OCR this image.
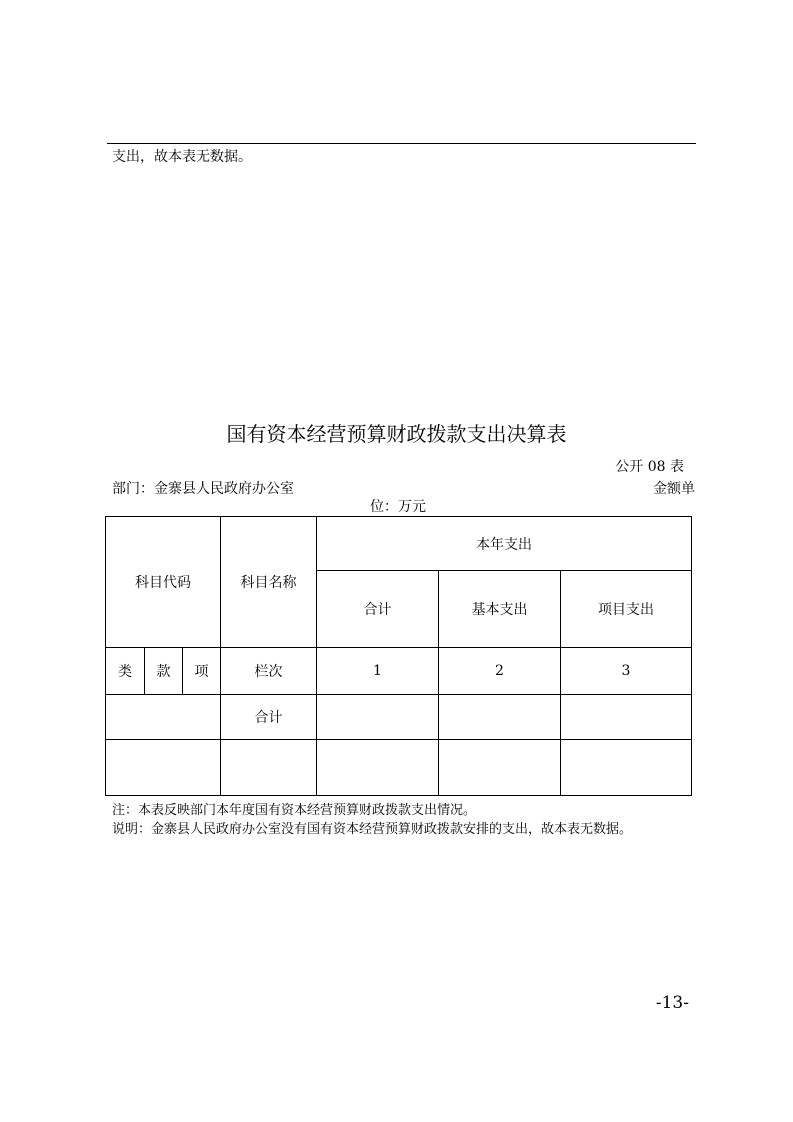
支出，故本表无数据。
国有资本经营预算财政拨款支出决算表
公开 08 表
部门：金寨县人民政府办公室	金额单
位：万元
科目代码			科目名称	本年支出		
				合计	基本支出	项目支出
类	款	项	栏次	1	2	3
			合计			

注：本表反映部门本年度国有资本经营预算财政拨款支出情况。
说明：金寨县人民政府办公室没有国有资本经营预算财政拨款安排的支出，故本表无数据。
-13-
